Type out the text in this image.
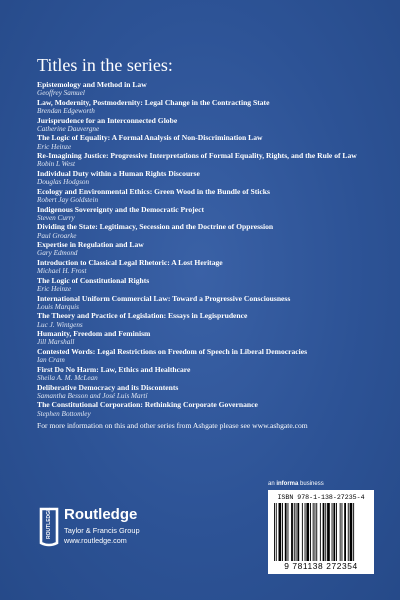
Titles in the series:
Epistemology and Method in Law
Geoffrey Samuel
Law, Modernity, Postmodernity: Legal Change in the Contracting State
Brendan Edgeworth
Jurisprudence for an Interconnected Globe
Catherine Dauvergne
The Logic of Equality: A Formal Analysis of Non-Discrimination Law
Eric Heinze
Re-Imagining Justice: Progressive Interpretations of Formal Equality, Rights, and the Rule of Law
Robin L West
Individual Duty within a Human Rights Discourse
Douglas Hodgson
Ecology and Environmental Ethics: Green Wood in the Bundle of Sticks
Robert Jay Goldstein
Indigenous Sovereignty and the Democratic Project
Steven Curry
Dividing the State: Legitimacy, Secession and the Doctrine of Oppression
Paul Groarke
Expertise in Regulation and Law
Gary Edmond
Introduction to Classical Legal Rhetoric: A Lost Heritage
Michael H. Frost
The Logic of Constitutional Rights
Eric Heinze
International Uniform Commercial Law: Toward a Progressive Consciousness
Louis Marquis
The Theory and Practice of Legislation: Essays in Legisprudence
Luc J. Wintgens
Humanity, Freedom and Feminism
Jill Marshall
Contested Words: Legal Restrictions on Freedom of Speech in Liberal Democracies
Ian Cram
First Do No Harm: Law, Ethics and Healthcare
Sheila A. M. McLean
Deliberative Democracy and its Discontents
Samantha Besson and José Luis Martí
The Constitutional Corporation: Rethinking Corporate Governance
Stephen Bottomley

For more information on this and other series from Ashgate please see www.ashgate.com

ROUTLEDGE Routledge
Taylor & Francis Group
www.routledge.com
an informa business
ISBN 978-1-138-27235-4
9 781138 272354
